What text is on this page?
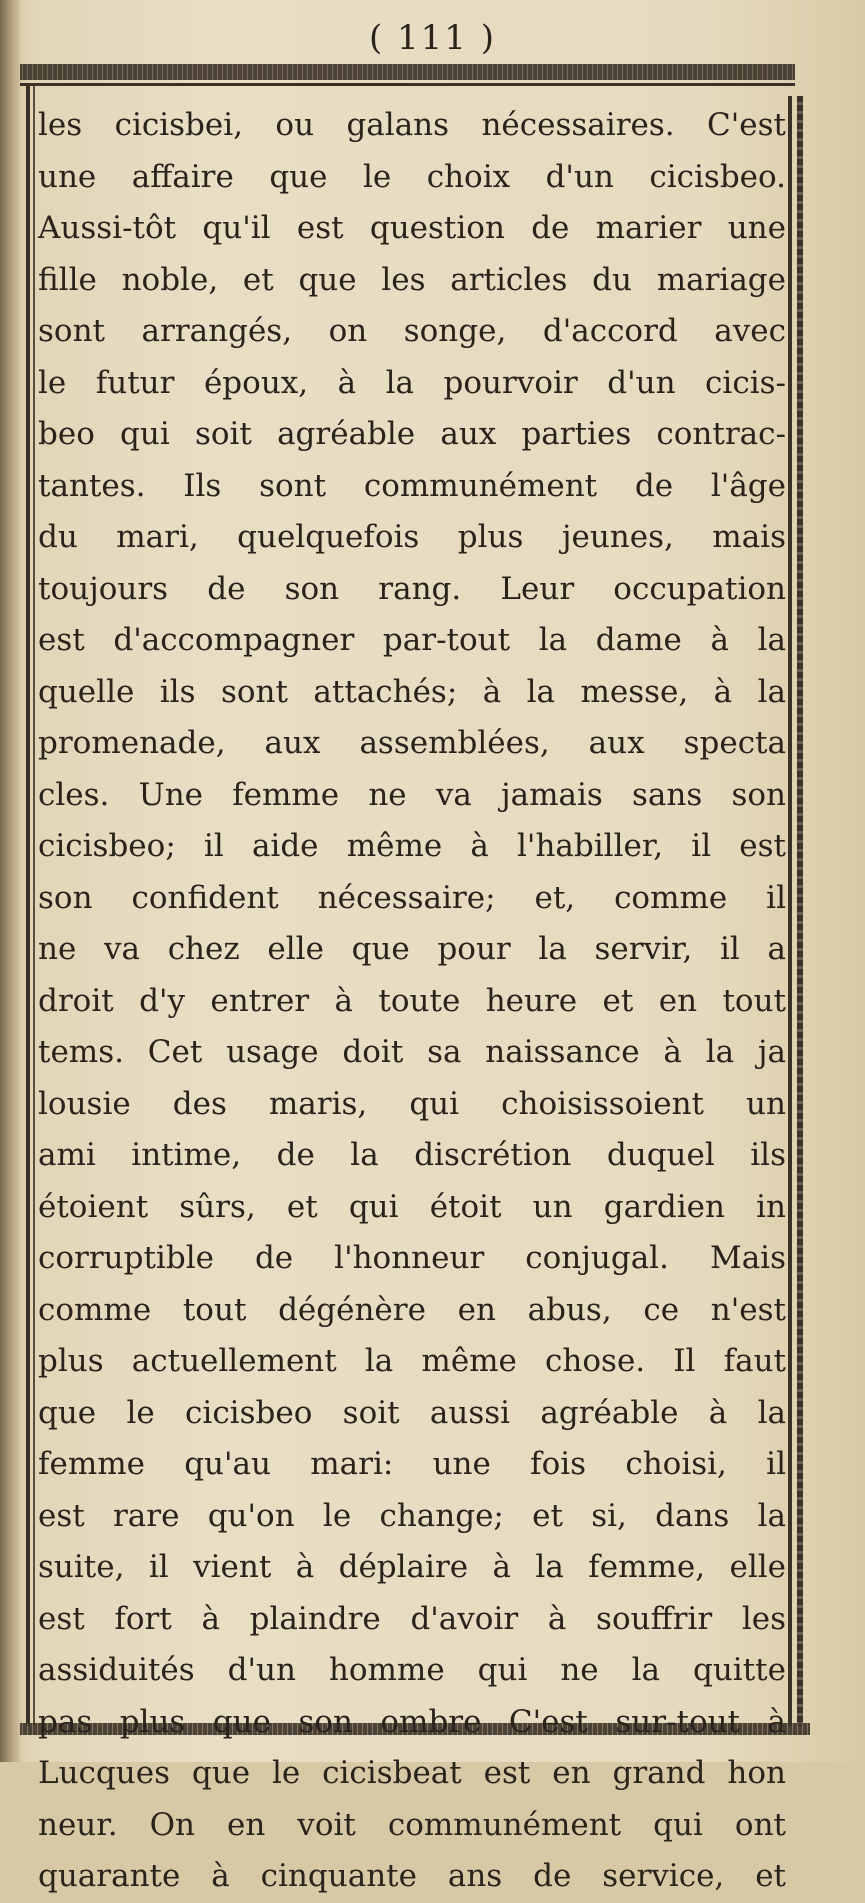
( 111 )
les cicisbei, ou galans nécessaires. C'est
une affaire que le choix d'un cicisbeo.
Aussi-tôt qu'il est question de marier une
fille noble, et que les articles du mariage
sont arrangés, on songe, d'accord avec
le futur époux, à la pourvoir d'un cicis-
beo qui soit agréable aux parties contrac-
tantes. Ils sont communément de l'âge
du mari, quelquefois plus jeunes, mais
toujours de son rang. Leur occupation
est d'accompagner par-tout la dame à la
quelle ils sont attachés; à la messe, à la
promenade, aux assemblées, aux specta
cles. Une femme ne va jamais sans son
cicisbeo; il aide même à l'habiller, il est
son confident nécessaire; et, comme il
ne va chez elle que pour la servir, il a
droit d'y entrer à toute heure et en tout
tems. Cet usage doit sa naissance à la ja
lousie des maris, qui choisissoient un
ami intime, de la discrétion duquel ils
étoient sûrs, et qui étoit un gardien in
corruptible de l'honneur conjugal. Mais
comme tout dégénère en abus, ce n'est
plus actuellement la même chose. Il faut
que le cicisbeo soit aussi agréable à la
femme qu'au mari: une fois choisi, il
est rare qu'on le change; et si, dans la
suite, il vient à déplaire à la femme, elle
est fort à plaindre d'avoir à souffrir les
assiduités d'un homme qui ne la quitte
pas plus que son ombre C'est sur-tout à
Lucques que le cicisbeat est en grand hon
neur. On en voit communément qui ont
quarante à cinquante ans de service, et
